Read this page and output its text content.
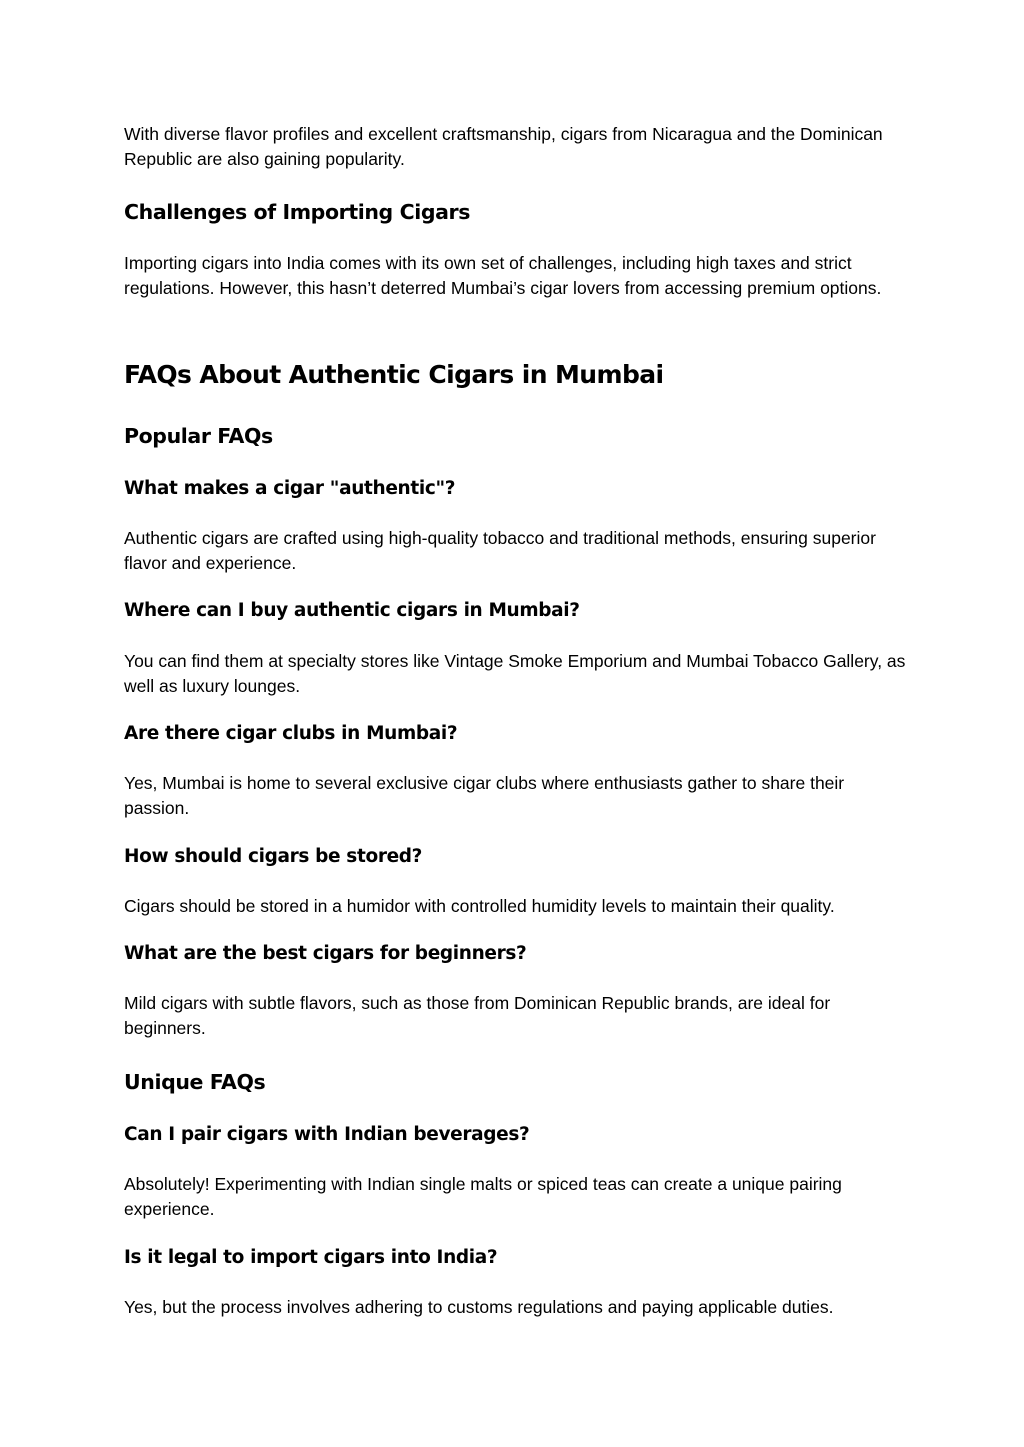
With diverse flavor profiles and excellent craftsmanship, cigars from Nicaragua and the Dominican Republic are also gaining popularity.

Challenges of Importing Cigars

Importing cigars into India comes with its own set of challenges, including high taxes and strict regulations. However, this hasn’t deterred Mumbai’s cigar lovers from accessing premium options.

FAQs About Authentic Cigars in Mumbai
Popular FAQs
What makes a cigar "authentic"?

Authentic cigars are crafted using high-quality tobacco and traditional methods, ensuring superior flavor and experience.

Where can I buy authentic cigars in Mumbai?

You can find them at specialty stores like Vintage Smoke Emporium and Mumbai Tobacco Gallery, as well as luxury lounges.

Are there cigar clubs in Mumbai?

Yes, Mumbai is home to several exclusive cigar clubs where enthusiasts gather to share their passion.

How should cigars be stored?

Cigars should be stored in a humidor with controlled humidity levels to maintain their quality.

What are the best cigars for beginners?

Mild cigars with subtle flavors, such as those from Dominican Republic brands, are ideal for beginners.

Unique FAQs
Can I pair cigars with Indian beverages?

Absolutely! Experimenting with Indian single malts or spiced teas can create a unique pairing experience.

Is it legal to import cigars into India?

Yes, but the process involves adhering to customs regulations and paying applicable duties.
